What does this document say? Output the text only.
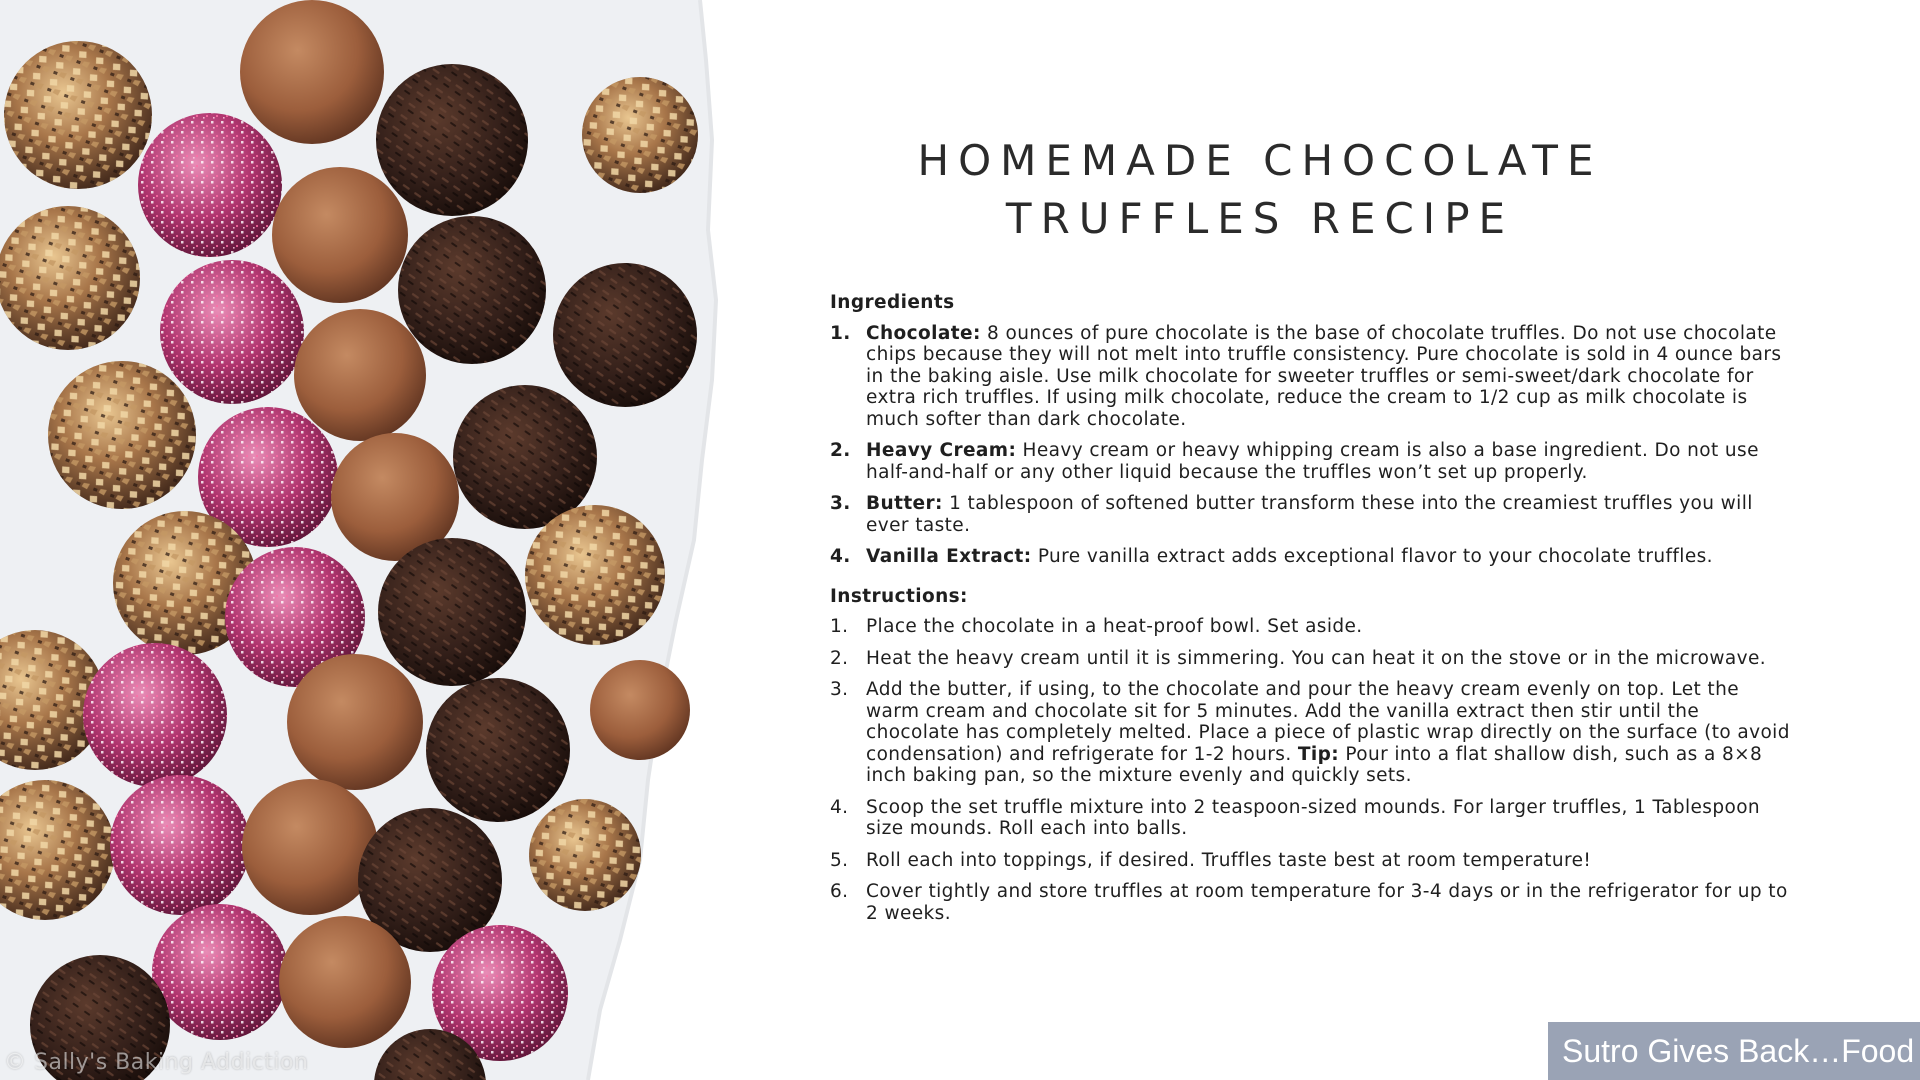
© Sally's Baking Addiction
HOMEMADE CHOCOLATE
TRUFFLES RECIPE
Ingredients
1. Chocolate: 8 ounces of pure chocolate is the base of chocolate truffles. Do not use chocolate chips because they will not melt into truffle consistency. Pure chocolate is sold in 4 ounce bars in the baking aisle. Use milk chocolate for sweeter truffles or semi-sweet/dark chocolate for extra rich truffles. If using milk chocolate, reduce the cream to 1/2 cup as milk chocolate is much softer than dark chocolate.
2. Heavy Cream: Heavy cream or heavy whipping cream is also a base ingredient. Do not use half-and-half or any other liquid because the truffles won’t set up properly.
3. Butter: 1 tablespoon of softened butter transform these into the creamiest truffles you will ever taste.
4. Vanilla Extract: Pure vanilla extract adds exceptional flavor to your chocolate truffles.
Instructions:
1. Place the chocolate in a heat-proof bowl. Set aside.
2. Heat the heavy cream until it is simmering. You can heat it on the stove or in the microwave.
3. Add the butter, if using, to the chocolate and pour the heavy cream evenly on top. Let the warm cream and chocolate sit for 5 minutes. Add the vanilla extract then stir until the chocolate has completely melted. Place a piece of plastic wrap directly on the surface (to avoid condensation) and refrigerate for 1-2 hours. Tip: Pour into a flat shallow dish, such as a 8×8 inch baking pan, so the mixture evenly and quickly sets.
4. Scoop the set truffle mixture into 2 teaspoon-sized mounds. For larger truffles, 1 Tablespoon size mounds. Roll each into balls.
5. Roll each into toppings, if desired. Truffles taste best at room temperature!
6. Cover tightly and store truffles at room temperature for 3-4 days or in the refrigerator for up to 2 weeks.
Sutro Gives Back…Food
